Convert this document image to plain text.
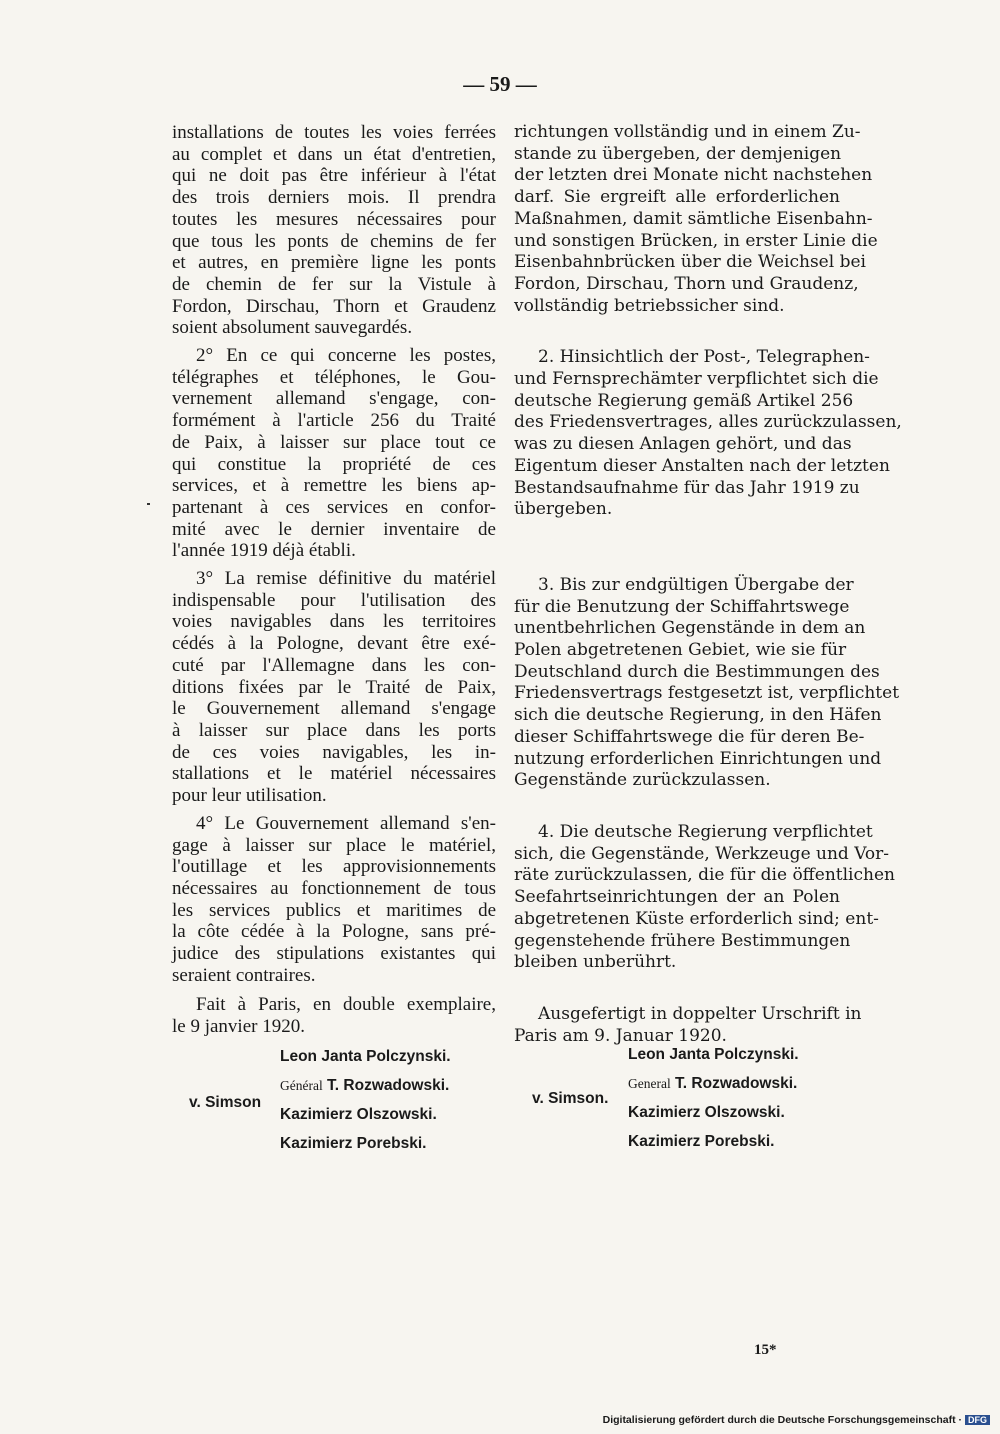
— 59 —
installations de toutes les voies ferrées
au complet et dans un état d'entretien,
qui ne doit pas être inférieur à l'état
des trois derniers mois. Il prendra
toutes les mesures nécessaires pour
que tous les ponts de chemins de fer
et autres, en première ligne les ponts
de chemin de fer sur la Vistule à
Fordon, Dirschau, Thorn et Graudenz
soient absolument sauvegardés.
2° En ce qui concerne les postes,
télégraphes et téléphones, le Gou-
vernement allemand s'engage, con-
formément à l'article 256 du Traité
de Paix, à laisser sur place tout ce
qui constitue la propriété de ces
services, et à remettre les biens ap-
partenant à ces services en confor-
mité avec le dernier inventaire de
l'année 1919 déjà établi.
3° La remise définitive du matériel
indispensable pour l'utilisation des
voies navigables dans les territoires
cédés à la Pologne, devant être exé-
cuté par l'Allemagne dans les con-
ditions fixées par le Traité de Paix,
le Gouvernement allemand s'engage
à laisser sur place dans les ports
de ces voies navigables, les in-
stallations et le matériel nécessaires
pour leur utilisation.
4° Le Gouvernement allemand s'en-
gage à laisser sur place le matériel,
l'outillage et les approvisionnements
nécessaires au fonctionnement de tous
les services publics et maritimes de
la côte cédée à la Pologne, sans pré-
judice des stipulations existantes qui
seraient contraires.
Fait à Paris, en double exemplaire,
le 9 janvier 1920.
richtungen vollständig und in einem Zu-
stande zu übergeben, der demjenigen
der letzten drei Monate nicht nachstehen
darf. Sie ergreift alle erforderlichen
Maßnahmen, damit sämtliche Eisenbahn-
und sonstigen Brücken, in erster Linie die
Eisenbahnbrücken über die Weichsel bei
Fordon, Dirschau, Thorn und Graudenz,
vollständig betriebssicher sind.
2. Hinsichtlich der Post-, Telegraphen-
und Fernsprechämter verpflichtet sich die
deutsche Regierung gemäß Artikel 256
des Friedensvertrages, alles zurückzulassen,
was zu diesen Anlagen gehört, und das
Eigentum dieser Anstalten nach der letzten
Bestandsaufnahme für das Jahr 1919 zu
übergeben.
3. Bis zur endgültigen Übergabe der
für die Benutzung der Schiffahrtswege
unentbehrlichen Gegenstände in dem an
Polen abgetretenen Gebiet, wie sie für
Deutschland durch die Bestimmungen des
Friedensvertrags festgesetzt ist, verpflichtet
sich die deutsche Regierung, in den Häfen
dieser Schiffahrtswege die für deren Be-
nutzung erforderlichen Einrichtungen und
Gegenstände zurückzulassen.
4. Die deutsche Regierung verpflichtet
sich, die Gegenstände, Werkzeuge und Vor-
räte zurückzulassen, die für die öffentlichen
Seefahrtseinrichtungen der an Polen
abgetretenen Küste erforderlich sind; ent-
gegenstehende frühere Bestimmungen
bleiben unberührt.
Ausgefertigt in doppelter Urschrift in
Paris am 9. Januar 1920.
v. Simson
Leon Janta Polczynski.
Général T. Rozwadowski.
Kazimierz Olszowski.
Kazimierz Porebski.
v. Simson.
Leon Janta Polczynski.
General T. Rozwadowski.
Kazimierz Olszowski.
Kazimierz Porebski.
15*
Digitalisierung gefördert durch die Deutsche Forschungsgemeinschaft · DFG
